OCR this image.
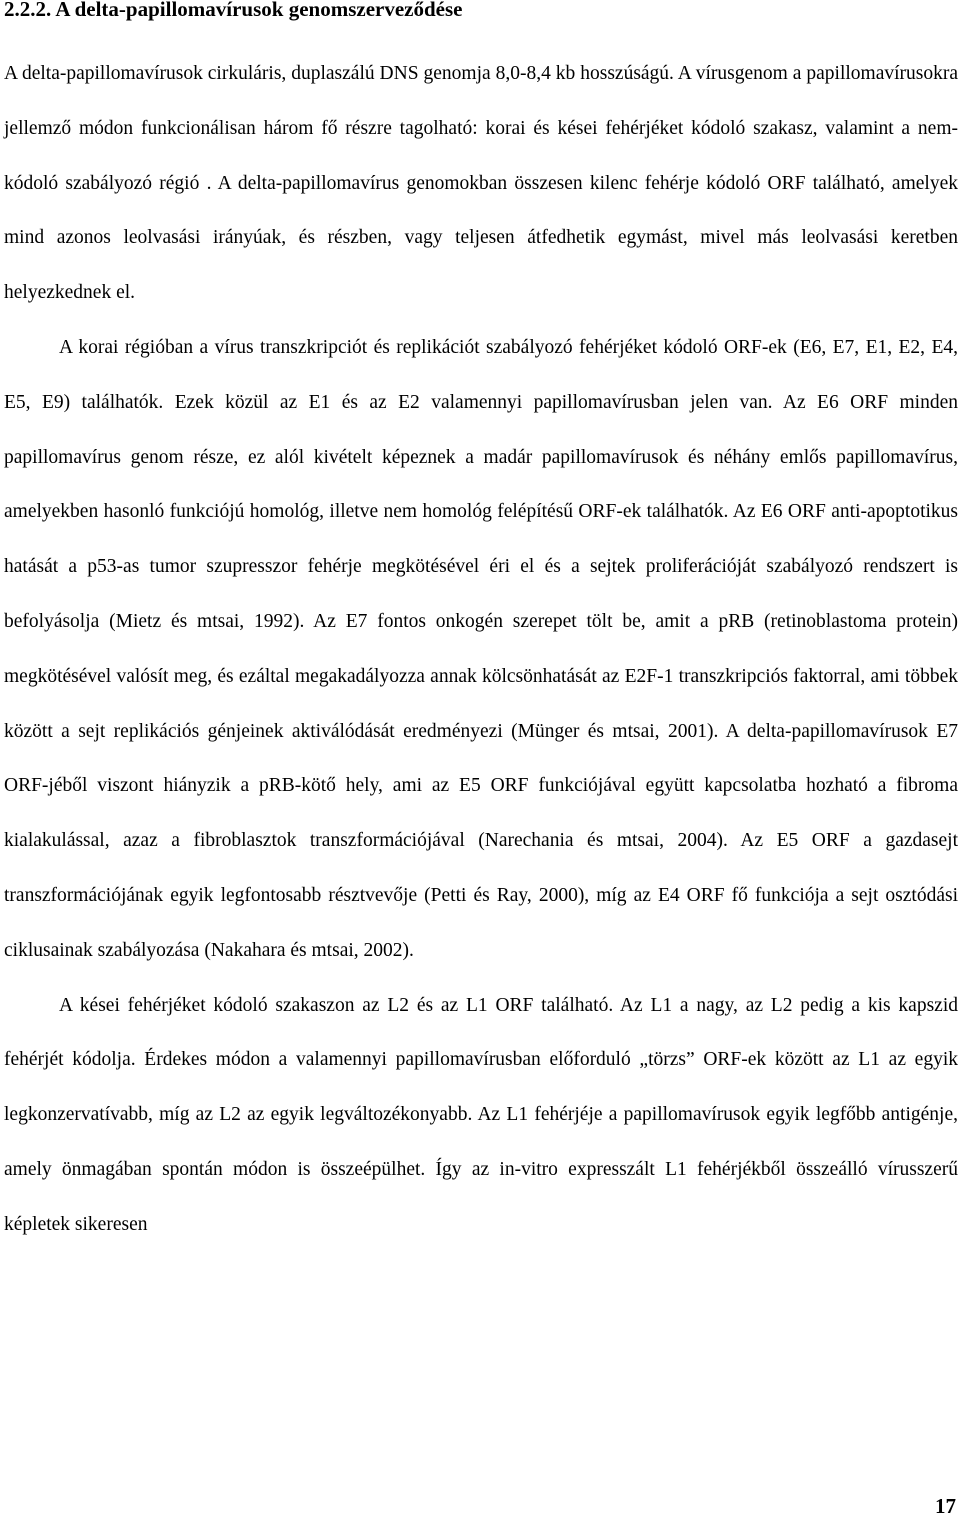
2.2.2. A delta-papillomavírusok genomszerveződése

A delta-papillomavírusok cirkuláris, duplaszálú DNS genomja 8,0-8,4 kb hosszúságú. A vírusgenom a papillomavírusokra jellemző módon funkcionálisan három fő részre tagolható: korai és kései fehérjéket kódoló szakasz, valamint a nem-kódoló szabályozó régió . A delta-papillomavírus genomokban összesen kilenc fehérje kódoló ORF található, amelyek mind azonos leolvasási irányúak, és részben, vagy teljesen átfedhetik egymást, mivel más leolvasási keretben helyezkednek el.

A korai régióban a vírus transzkripciót és replikációt szabályozó fehérjéket kódoló ORF-ek (E6, E7, E1, E2, E4, E5, E9) találhatók. Ezek közül az E1 és az E2 valamennyi papillomavírusban jelen van. Az E6 ORF minden papillomavírus genom része, ez alól kivételt képeznek a madár papillomavírusok és néhány emlős papillomavírus, amelyekben hasonló funkciójú homológ, illetve nem homológ felépítésű ORF-ek találhatók. Az E6 ORF anti-apoptotikus hatását a p53-as tumor szupresszor fehérje megkötésével éri el és a sejtek proliferációját szabályozó rendszert is befolyásolja (Mietz és mtsai, 1992). Az E7 fontos onkogén szerepet tölt be, amit a pRB (retinoblastoma protein) megkötésével valósít meg, és ezáltal megakadályozza annak kölcsönhatását az E2F-1 transzkripciós faktorral, ami többek között a sejt replikációs génjeinek aktiválódását eredményezi (Münger és mtsai, 2001). A delta-papillomavírusok E7 ORF-jéből viszont hiányzik a pRB-kötő hely, ami az E5 ORF funkciójával együtt kapcsolatba hozható a fibroma kialakulással, azaz a fibroblasztok transzformációjával (Narechania és mtsai, 2004). Az E5 ORF a gazdasejt transzformációjának egyik legfontosabb résztvevője (Petti és Ray, 2000), míg az E4 ORF fő funkciója a sejt osztódási ciklusainak szabályozása (Nakahara és mtsai, 2002).

A kései fehérjéket kódoló szakaszon az L2 és az L1 ORF található. Az L1 a nagy, az L2 pedig a kis kapszid fehérjét kódolja. Érdekes módon a valamennyi papillomavírusban előforduló „törzs” ORF-ek között az L1 az egyik legkonzervatívabb, míg az L2 az egyik legváltozékonyabb. Az L1 fehérjéje a papillomavírusok egyik legfőbb antigénje, amely önmagában spontán módon is összeépülhet. Így az in-vitro expresszált L1 fehérjékből összeálló vírusszerű képletek sikeresen

17
